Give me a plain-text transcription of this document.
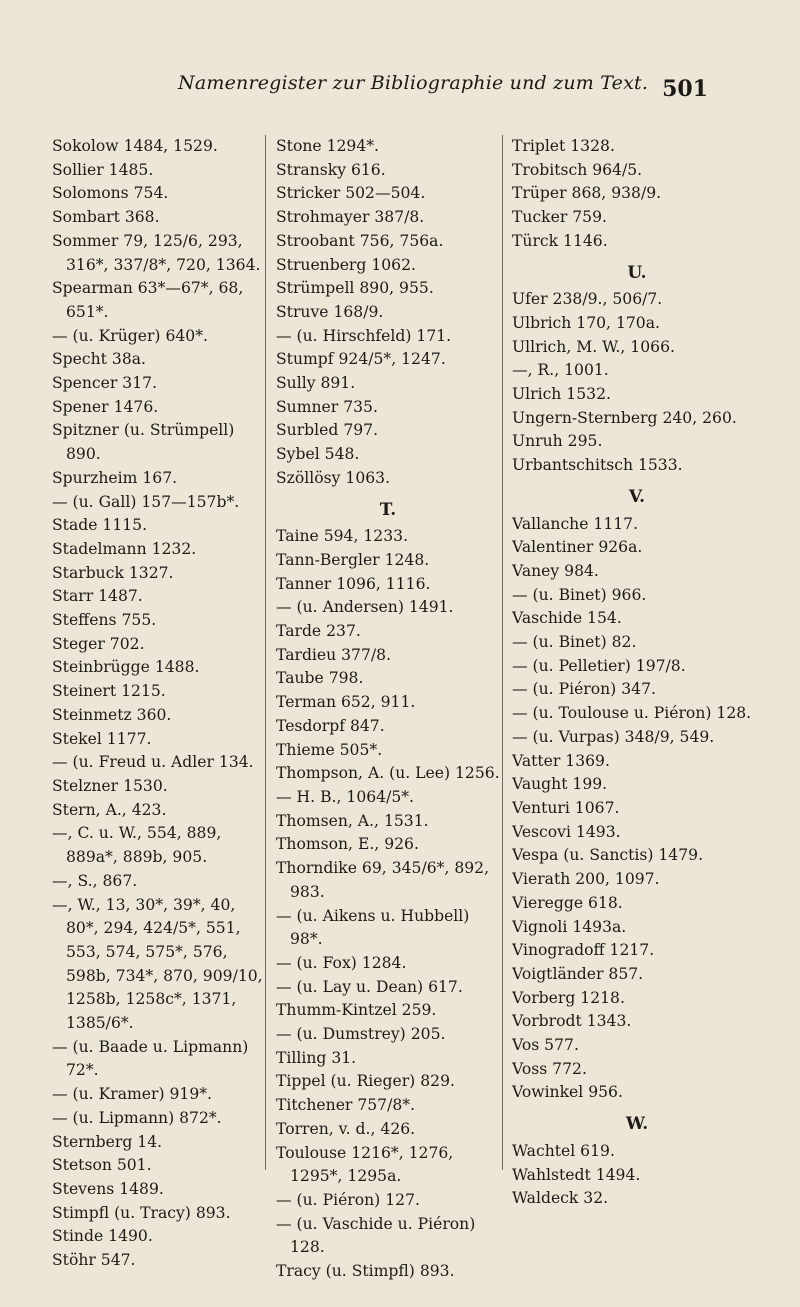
Namenregister zur Bibliographie und zum Text. 501
Sokolow 1484, 1529.
Sollier 1485.
Solomons 754.
Sombart 368.
Sommer 79, 125/6, 293, 316*, 337/8*, 720, 1364.
Spearman 63*—67*, 68, 651*.
— (u. Krüger) 640*.
Specht 38a.
Spencer 317.
Spener 1476.
Spitzner (u. Strümpell) 890.
Spurzheim 167.
— (u. Gall) 157—157b*.
Stade 1115.
Stadelmann 1232.
Starbuck 1327.
Starr 1487.
Steffens 755.
Steger 702.
Steinbrügge 1488.
Steinert 1215.
Steinmetz 360.
Stekel 1177.
— (u. Freud u. Adler 134.
Stelzner 1530.
Stern, A., 423.
—, C. u. W., 554, 889, 889a*, 889b, 905.
—, S., 867.
—, W., 13, 30*, 39*, 40, 80*, 294, 424/5*, 551, 553, 574, 575*, 576, 598b, 734*, 870, 909/10, 1258b, 1258c*, 1371, 1385/6*.
— (u. Baade u. Lipmann) 72*.
— (u. Kramer) 919*.
— (u. Lipmann) 872*.
Sternberg 14.
Stetson 501.
Stevens 1489.
Stimpfl (u. Tracy) 893.
Stinde 1490.
Stöhr 547.
Stone 1294*.
Stransky 616.
Stricker 502—504.
Strohmayer 387/8.
Stroobant 756, 756a.
Struenberg 1062.
Strümpell 890, 955.
Struve 168/9.
— (u. Hirschfeld) 171.
Stumpf 924/5*, 1247.
Sully 891.
Sumner 735.
Surbled 797.
Sybel 548.
Szöllösy 1063.
T.
Taine 594, 1233.
Tann-Bergler 1248.
Tanner 1096, 1116.
— (u. Andersen) 1491.
Tarde 237.
Tardieu 377/8.
Taube 798.
Terman 652, 911.
Tesdorpf 847.
Thieme 505*.
Thompson, A. (u. Lee) 1256.
— H. B., 1064/5*.
Thomsen, A., 1531.
Thomson, E., 926.
Thorndike 69, 345/6*, 892, 983.
— (u. Aikens u. Hubbell) 98*.
— (u. Fox) 1284.
— (u. Lay u. Dean) 617.
Thumm-Kintzel 259.
— (u. Dumstrey) 205.
Tilling 31.
Tippel (u. Rieger) 829.
Titchener 757/8*.
Torren, v. d., 426.
Toulouse 1216*, 1276, 1295*, 1295a.
— (u. Piéron) 127.
— (u. Vaschide u. Piéron) 128.
Tracy (u. Stimpfl) 893.
Triplet 1328.
Trobitsch 964/5.
Trüper 868, 938/9.
Tucker 759.
Türck 1146.
U.
Ufer 238/9., 506/7.
Ulbrich 170, 170a.
Ullrich, M. W., 1066.
—, R., 1001.
Ulrich 1532.
Ungern-Sternberg 240, 260.
Unruh 295.
Urbantschitsch 1533.
V.
Vallanche 1117.
Valentiner 926a.
Vaney 984.
— (u. Binet) 966.
Vaschide 154.
— (u. Binet) 82.
— (u. Pelletier) 197/8.
— (u. Piéron) 347.
— (u. Toulouse u. Piéron) 128.
— (u. Vurpas) 348/9, 549.
Vatter 1369.
Vaught 199.
Venturi 1067.
Vescovi 1493.
Vespa (u. Sanctis) 1479.
Vierath 200, 1097.
Vieregge 618.
Vignoli 1493a.
Vinogradoff 1217.
Voigtländer 857.
Vorberg 1218.
Vorbrodt 1343.
Vos 577.
Voss 772.
Vowinkel 956.
W.
Wachtel 619.
Wahlstedt 1494.
Waldeck 32.
